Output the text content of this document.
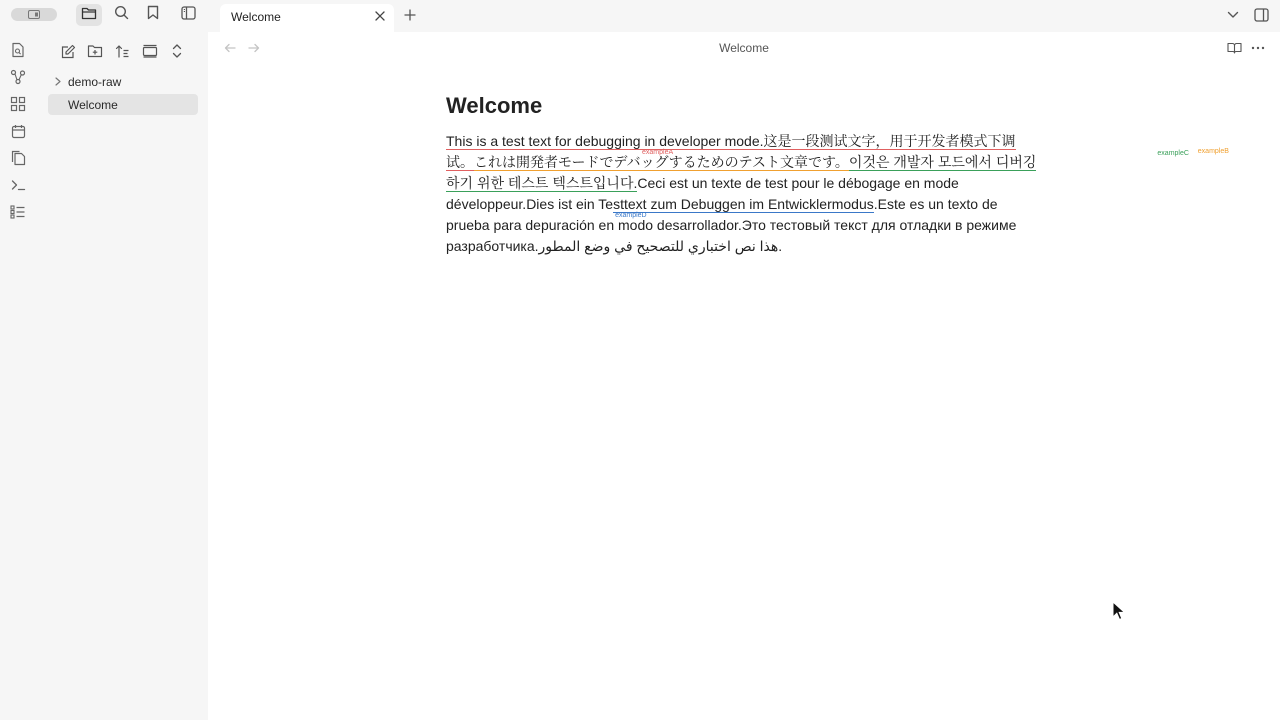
Welcome
demo-raw
Welcome
Welcome
Welcome
This is a test text for debugging in developer mode.这是一段测试文字，用于开发者模式下调试。
exampleA
これは開発者モードでデバッグするためのテスト文章です。
exampleB
이것은 개발자 모드에서 디버깅하기 위한 테스트 텍스트입니다.
exampleC
Ceci est un texte de test pour le débogage en mode développeur.Dies ist ein Testtext zum Debuggen im Entwicklermodus
exampleD
.Este es un texto de prueba para depuración en modo desarrollador.Это тестовый текст для отладки в режиме разработчика.هذا نص اختباري للتصحيح في وضع المطور.
